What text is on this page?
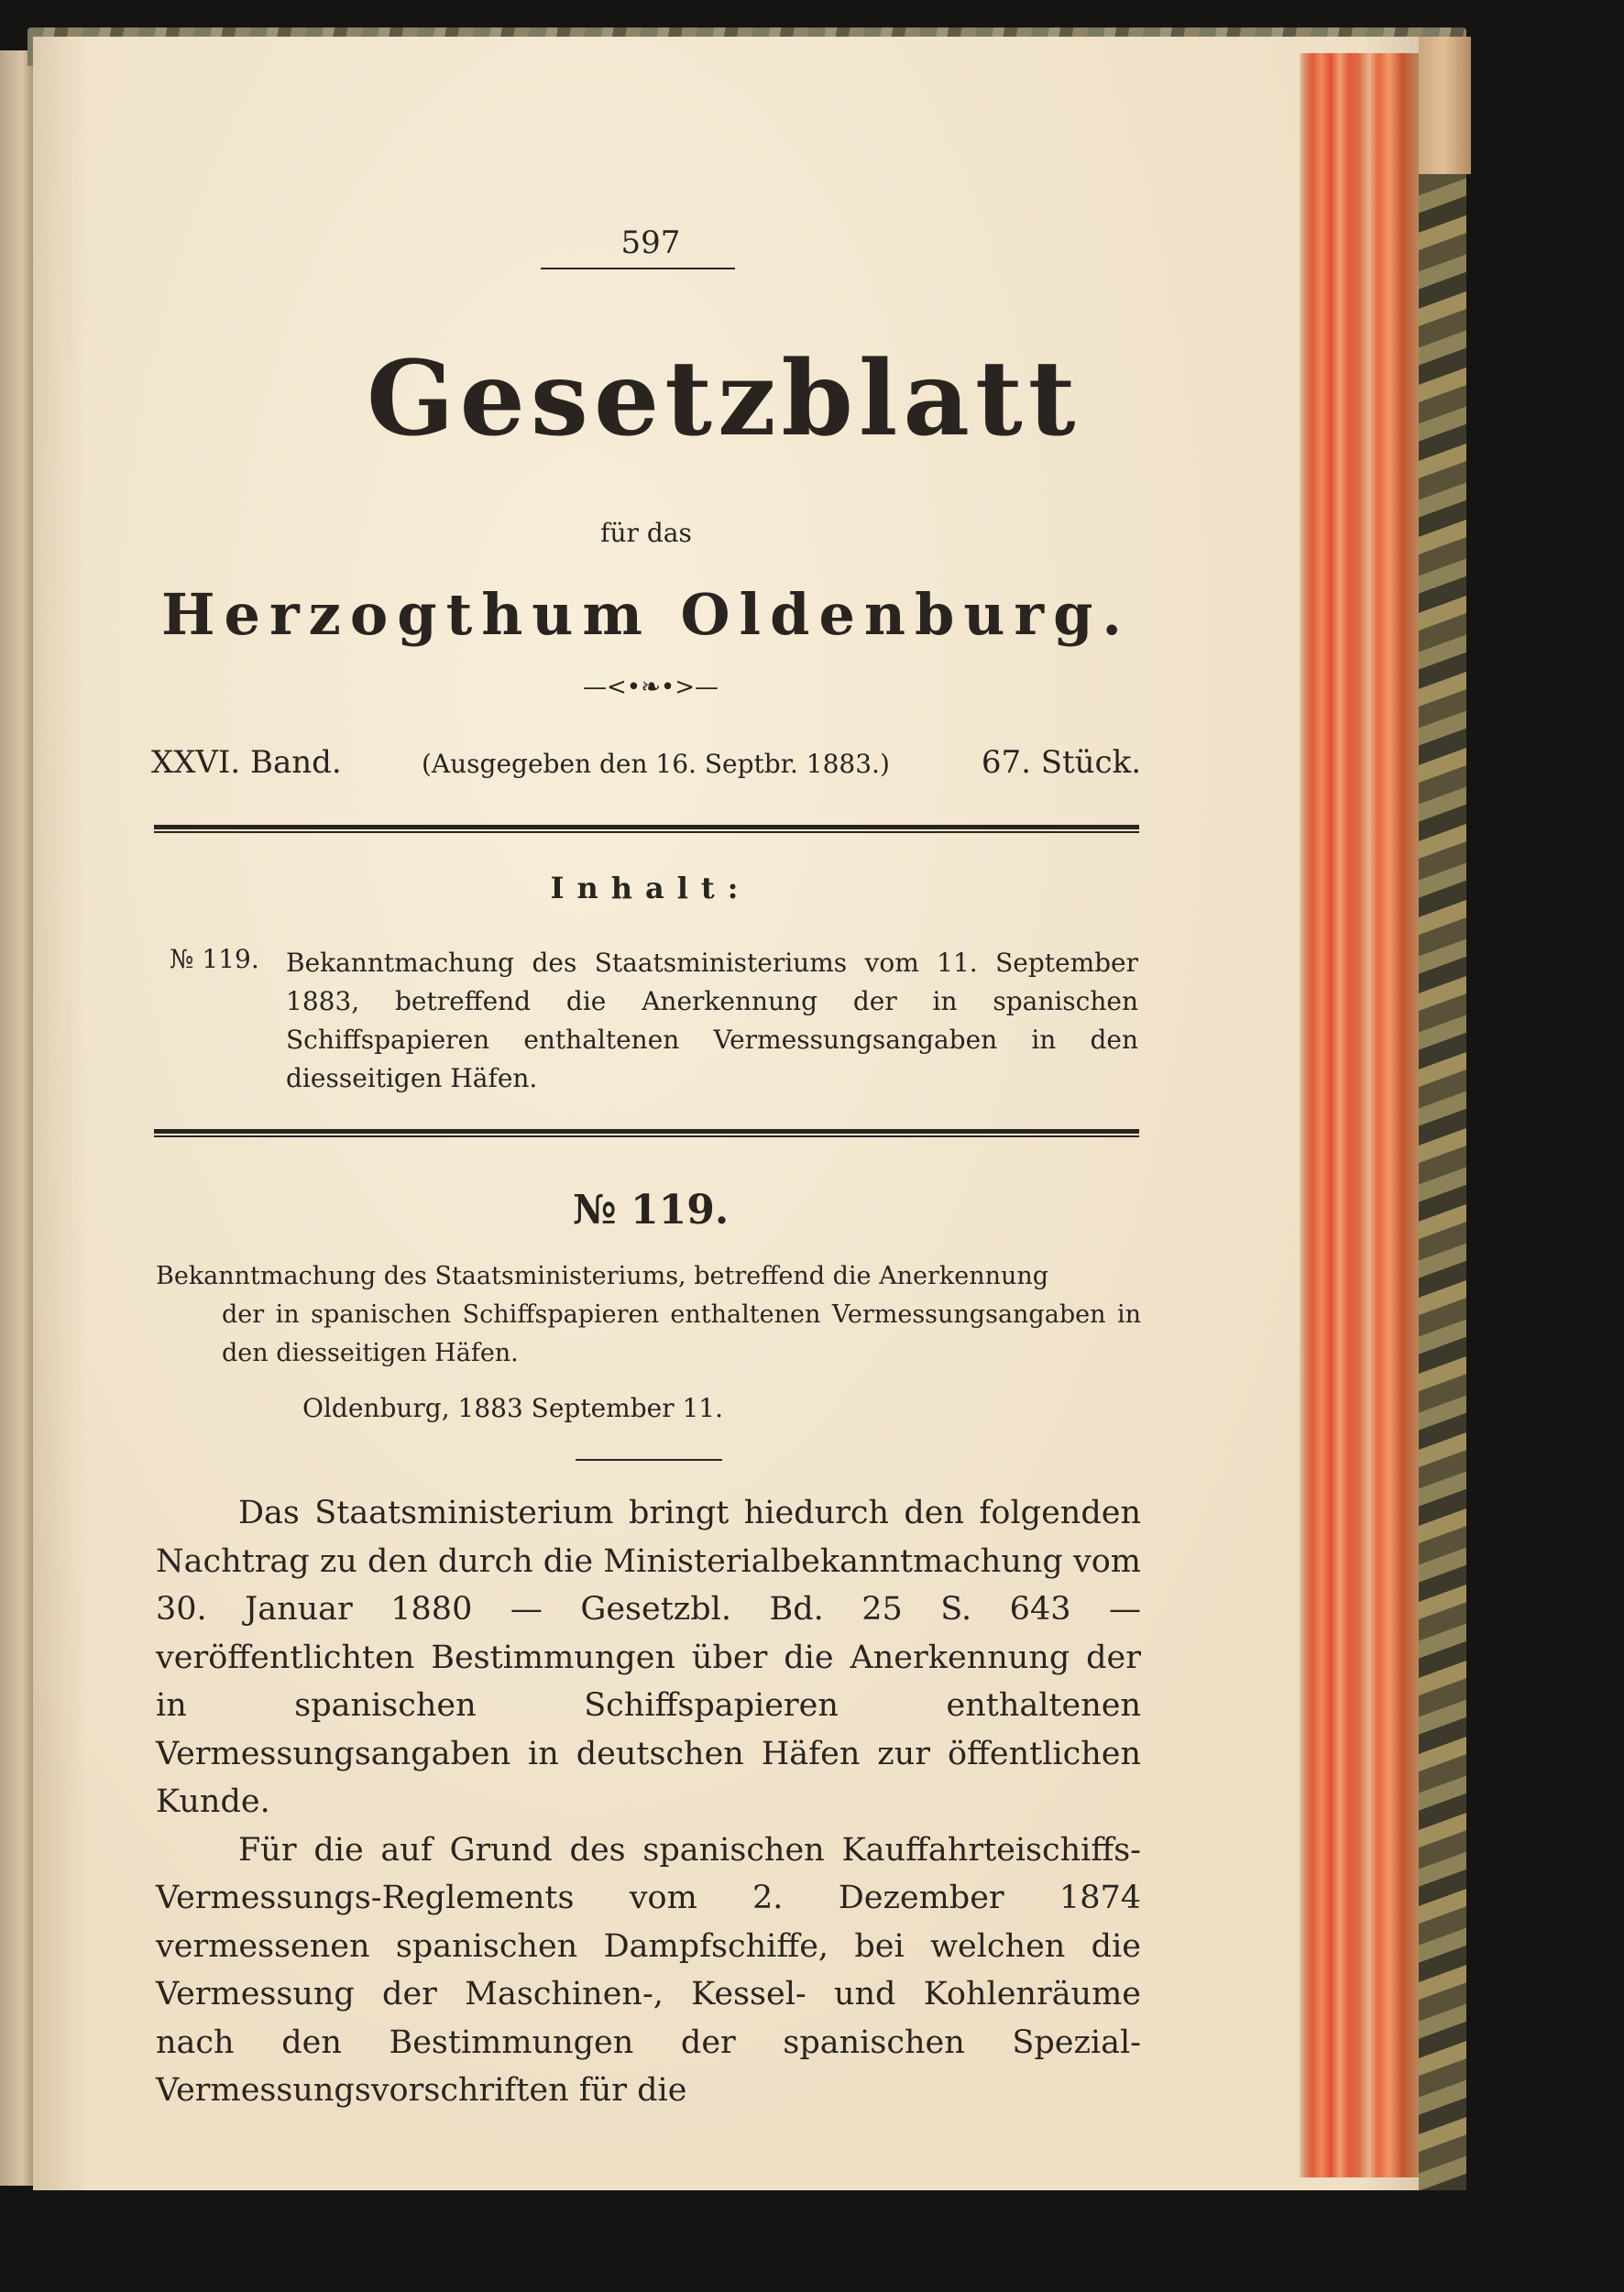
597
Gesetzblatt
für das
Herzogthum Oldenburg.
—<•❧•>—
XXVI. Band.	(Ausgegeben den 16. Septbr. 1883.)	67. Stück.
Inhalt:
№ 119. Bekanntmachung des Staatsministeriums vom 11. September 1883, betreffend die Anerkennung der in spanischen Schiffspapieren enthaltenen Vermessungsangaben in den diesseitigen Häfen.
№ 119.
Bekanntmachung des Staatsministeriums, betreffend die Anerkennung
der in spanischen Schiffspapieren enthaltenen Vermessungsangaben in den diesseitigen Häfen.
Oldenburg, 1883 September 11.

Das Staatsministerium bringt hiedurch den folgenden Nachtrag zu den durch die Ministerialbekanntmachung vom 30. Januar 1880 — Gesetzbl. Bd. 25 S. 643 — veröffentlichten Bestimmungen über die Anerkennung der in spanischen Schiffspapieren enthaltenen Vermessungsangaben in deutschen Häfen zur öffentlichen Kunde.

Für die auf Grund des spanischen Kauffahrteischiffs-Vermessungs-Reglements vom 2. Dezember 1874 vermessenen spanischen Dampfschiffe, bei welchen die Vermessung der Maschinen-, Kessel- und Kohlenräume nach den Bestimmungen der spanischen Spezial-Vermessungsvorschriften für die
